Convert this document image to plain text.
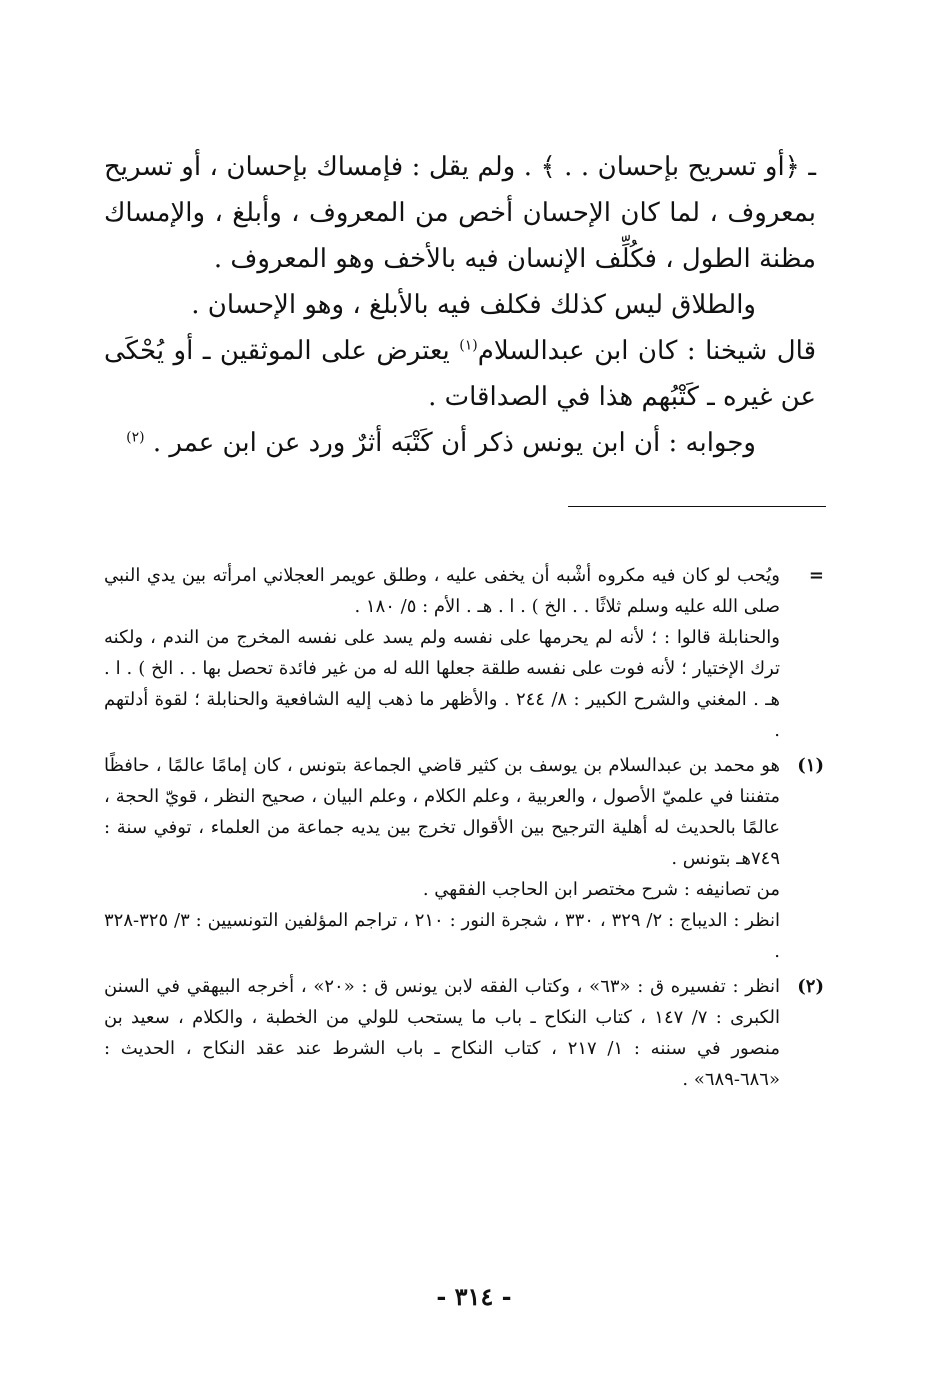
ـ ﴿أو تسريح بإحسان . . ﴾ . ولم يقل : فإمساك بإحسان ، أو تسريح بمعروف ، لما كان الإحسان أخص من المعروف ، وأبلغ ، والإمساك مظنة الطول ، فكُلِّف الإنسان فيه بالأخف وهو المعروف .

والطلاق ليس كذلك فكلف فيه بالأبلغ ، وهو الإحسان .

قال شيخنا : كان ابن عبدالسلام$^{(١)}$ يعترض على الموثقين ـ أو يُحْكَى عن غيره ـ كَتْبُهم هذا في الصداقات .

وجوابه : أن ابن يونس ذكر أن كَتْبَه أثرٌ ورد عن ابن عمر . $^{(٢)}$

=

ويُحب لو كان فيه مكروه أشْبه أن يخفى عليه ، وطلق عويمر العجلاني امرأته بين يدي النبي صلى الله عليه وسلم ثلاثًا . . الخ ) . ا . هـ . الأم : ٥/ ١٨٠ .

والحنابلة قالوا : ؛ لأنه لم يحرمها على نفسه ولم يسد على نفسه المخرج من الندم ، ولكنه ترك الإختيار ؛ لأنه فوت على نفسه طلقة جعلها الله له من غير فائدة تحصل بها . . الخ ) . ا . هـ . المغني والشرح الكبير : ٨/ ٢٤٤ . والأظهر ما ذهب إليه الشافعية والحنابلة ؛ لقوة أدلتهم .

(١)

هو محمد بن عبدالسلام بن يوسف بن كثير قاضي الجماعة بتونس ، كان إمامًا عالمًا ، حافظًا متفننا في علميّ الأصول ، والعربية ، وعلم الكلام ، وعلم البيان ، صحيح النظر ، قويّ الحجة ، عالمًا بالحديث له أهلية الترجيح بين الأقوال تخرج بين يديه جماعة من العلماء ، توفي سنة : ٧٤٩هـ بتونس .

من تصانيفه : شرح مختصر ابن الحاجب الفقهي .

انظر : الديباج : ٢/ ٣٢٩ ، ٣٣٠ ، شجرة النور : ٢١٠ ، تراجم المؤلفين التونسيين : ٣/ ٣٢٥-٣٢٨ .

(٢)

انظر : تفسيره ق : «٦٣» ، وكتاب الفقه لابن يونس ق : «٢٠» ، أخرجه البيهقي في السنن الكبرى : ٧/ ١٤٧ ، كتاب النكاح ـ باب ما يستحب للولي من الخطبة ، والكلام ، سعيد بن منصور في سننه : ١/ ٢١٧ ، كتاب النكاح ـ باب الشرط عند عقد النكاح ، الحديث : «٦٨٦-٦٨٩» .

- ٣١٤ -
